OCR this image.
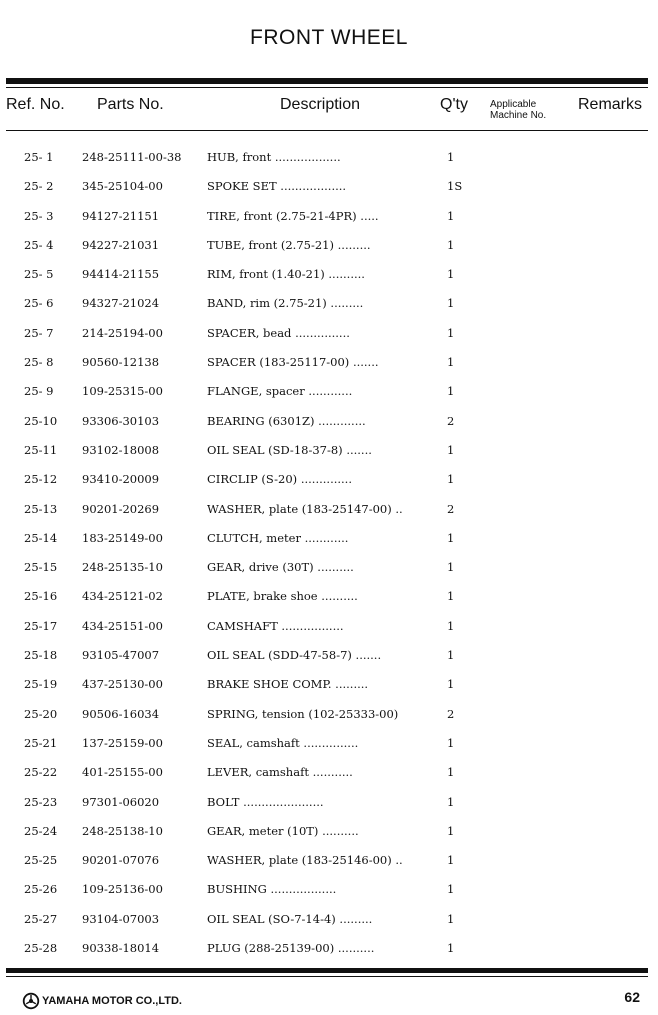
FRONT WHEEL
Ref. No. Parts No.	Description	Q'ty Applicable
Machine No.
Remarks
25- 1 248-25111-00-38 HUB, front ..................	1
25- 2 345-25104-00	SPOKE SET ..................	1S
25- 3 94127-21151	TIRE, front (2.75-21-4PR) .....	1
25- 4 94227-21031	TUBE, front (2.75-21) .........	1
25- 5 94414-21155	RIM, front (1.40-21) ..........	1
25- 6 94327-21024	BAND, rim (2.75-21) .........	1
25- 7 214-25194-00	SPACER, bead ...............	1
25- 8 90560-12138	SPACER (183-25117-00) .......	1
25- 9 109-25315-00	FLANGE, spacer ............	1
25-10 93306-30103	BEARING (6301Z) .............	2
25-11 93102-18008	OIL SEAL (SD-18-37-8) .......	1
25-12 93410-20009	CIRCLIP (S-20) ..............	1
25-13 90201-20269	WASHER, plate (183-25147-00) ..	2
25-14 183-25149-00	CLUTCH, meter ............	1
25-15 248-25135-10	GEAR, drive (30T) ..........	1
25-16 434-25121-02	PLATE, brake shoe ..........	1
25-17 434-25151-00	CAMSHAFT .................	1
25-18 93105-47007	OIL SEAL (SDD-47-58-7) .......	1
25-19 437-25130-00	BRAKE SHOE COMP. .........	1
25-20 90506-16034	SPRING, tension (102-25333-00)	2
25-21 137-25159-00	SEAL, camshaft ...............	1
25-22 401-25155-00	LEVER, camshaft ...........	1
25-23 97301-06020	BOLT ......................	1
25-24 248-25138-10	GEAR, meter (10T) ..........	1
25-25 90201-07076	WASHER, plate (183-25146-00) ..	1
25-26 109-25136-00	BUSHING ..................	1
25-27 93104-07003	OIL SEAL (SO-7-14-4) .........	1
25-28 90338-18014	PLUG (288-25139-00) ..........	1
YAMAHA MOTOR CO.,LTD.	62
